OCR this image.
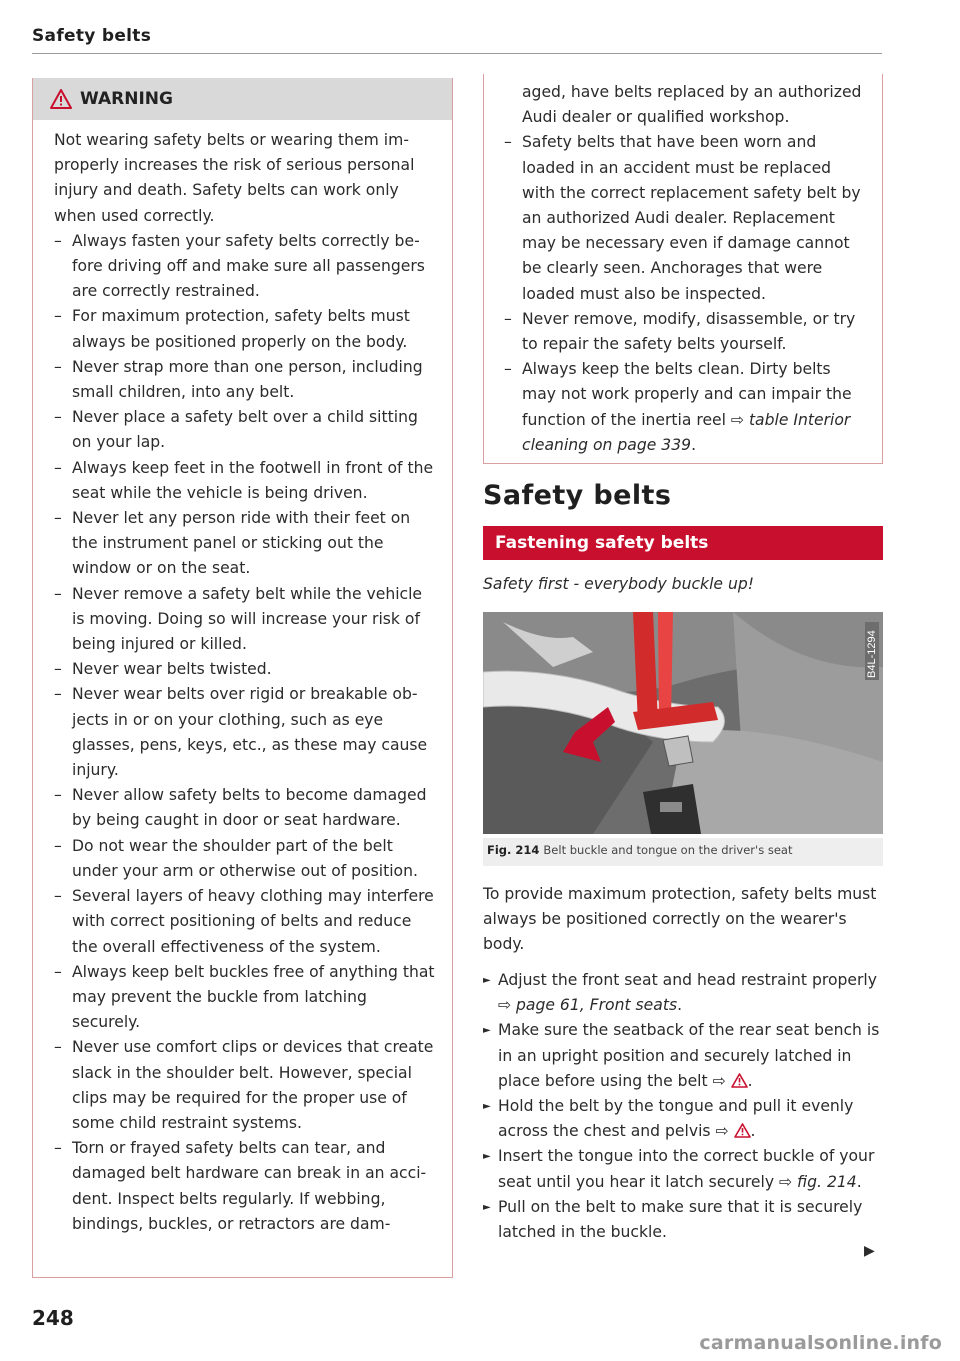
Safety belts
WARNING

Not wearing safety belts or wearing them improperly increases the risk of serious personal injury and death. Safety belts can work only when used correctly.

– Always fasten your safety belts correctly before driving off and make sure all passengers are correctly restrained.
– For maximum protection, safety belts must always be positioned properly on the body.
– Never strap more than one person, including small children, into any belt.
– Never place a safety belt over a child sitting on your lap.
– Always keep feet in the footwell in front of the seat while the vehicle is being driven.
– Never let any person ride with their feet on the instrument panel or sticking out the window or on the seat.
– Never remove a safety belt while the vehicle is moving. Doing so will increase your risk of being injured or killed.
– Never wear belts twisted.
– Never wear belts over rigid or breakable objects in or on your clothing, such as eye glasses, pens, keys, etc., as these may cause injury.
– Never allow safety belts to become damaged by being caught in door or seat hardware.
– Do not wear the shoulder part of the belt under your arm or otherwise out of position.
– Several layers of heavy clothing may interfere with correct positioning of belts and reduce the overall effectiveness of the system.
– Always keep belt buckles free of anything that may prevent the buckle from latching securely.
– Never use comfort clips or devices that create slack in the shoulder belt. However, special clips may be required for the proper use of some child restraint systems.
– Torn or frayed safety belts can tear, and damaged belt hardware can break in an accident. Inspect belts regularly. If webbing, bindings, buckles, or retractors are dam-
aged, have belts replaced by an authorized Audi dealer or qualified workshop.
– Safety belts that have been worn and loaded in an accident must be replaced with the correct replacement safety belt by an authorized Audi dealer. Replacement may be necessary even if damage cannot be clearly seen. Anchorages that were loaded must also be inspected.
– Never remove, modify, disassemble, or try to repair the safety belts yourself.
– Always keep the belts clean. Dirty belts may not work properly and can impair the function of the inertia reel ⇨ table Interior cleaning on page 339.
Safety belts
Fastening safety belts
Safety first - everybody buckle up!
B4L-1294
Fig. 214 Belt buckle and tongue on the driver's seat

To provide maximum protection, safety belts must always be positioned correctly on the wearer's body.

► Adjust the front seat and head restraint properly ⇨ page 61, Front seats.
► Make sure the seatback of the rear seat bench is in an upright position and securely latched in place before using the belt ⇨ .
► Hold the belt by the tongue and pull it evenly across the chest and pelvis ⇨ .
► Insert the tongue into the correct buckle of your seat until you hear it latch securely ⇨ fig. 214.
► Pull on the belt to make sure that it is securely latched in the buckle.
▶
248
carmanualsonline.info
